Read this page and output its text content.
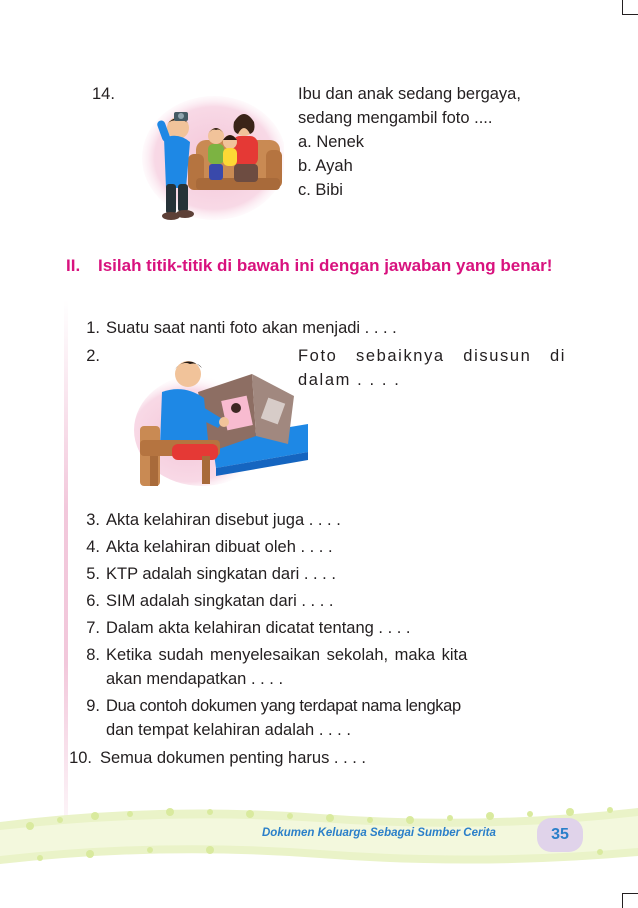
14.	Ibu dan anak sedang bergaya,
sedang mengambil foto ....
a. Nenek
b. Ayah
c. Bibi
II. Isilah titik-titik di bawah ini dengan jawaban yang benar!
1. Suatu saat nanti foto akan menjadi . . . .
2.	Foto sebaiknya disusun di dalam . . . .
3. Akta kelahiran disebut juga . . . .
4. Akta kelahiran dibuat oleh . . . .
5. KTP adalah singkatan dari . . . .
6. SIM adalah singkatan dari . . . .
7. Dalam akta kelahiran dicatat tentang . . . .
8. Ketika sudah menyelesaikan sekolah, maka kita
akan mendapatkan . . . .
9. Dua contoh dokumen yang terdapat nama lengkap
dan tempat kelahiran adalah . . . .
10. Semua dokumen penting harus . . . .
Dokumen Keluarga Sebagai Sumber Cerita	35
